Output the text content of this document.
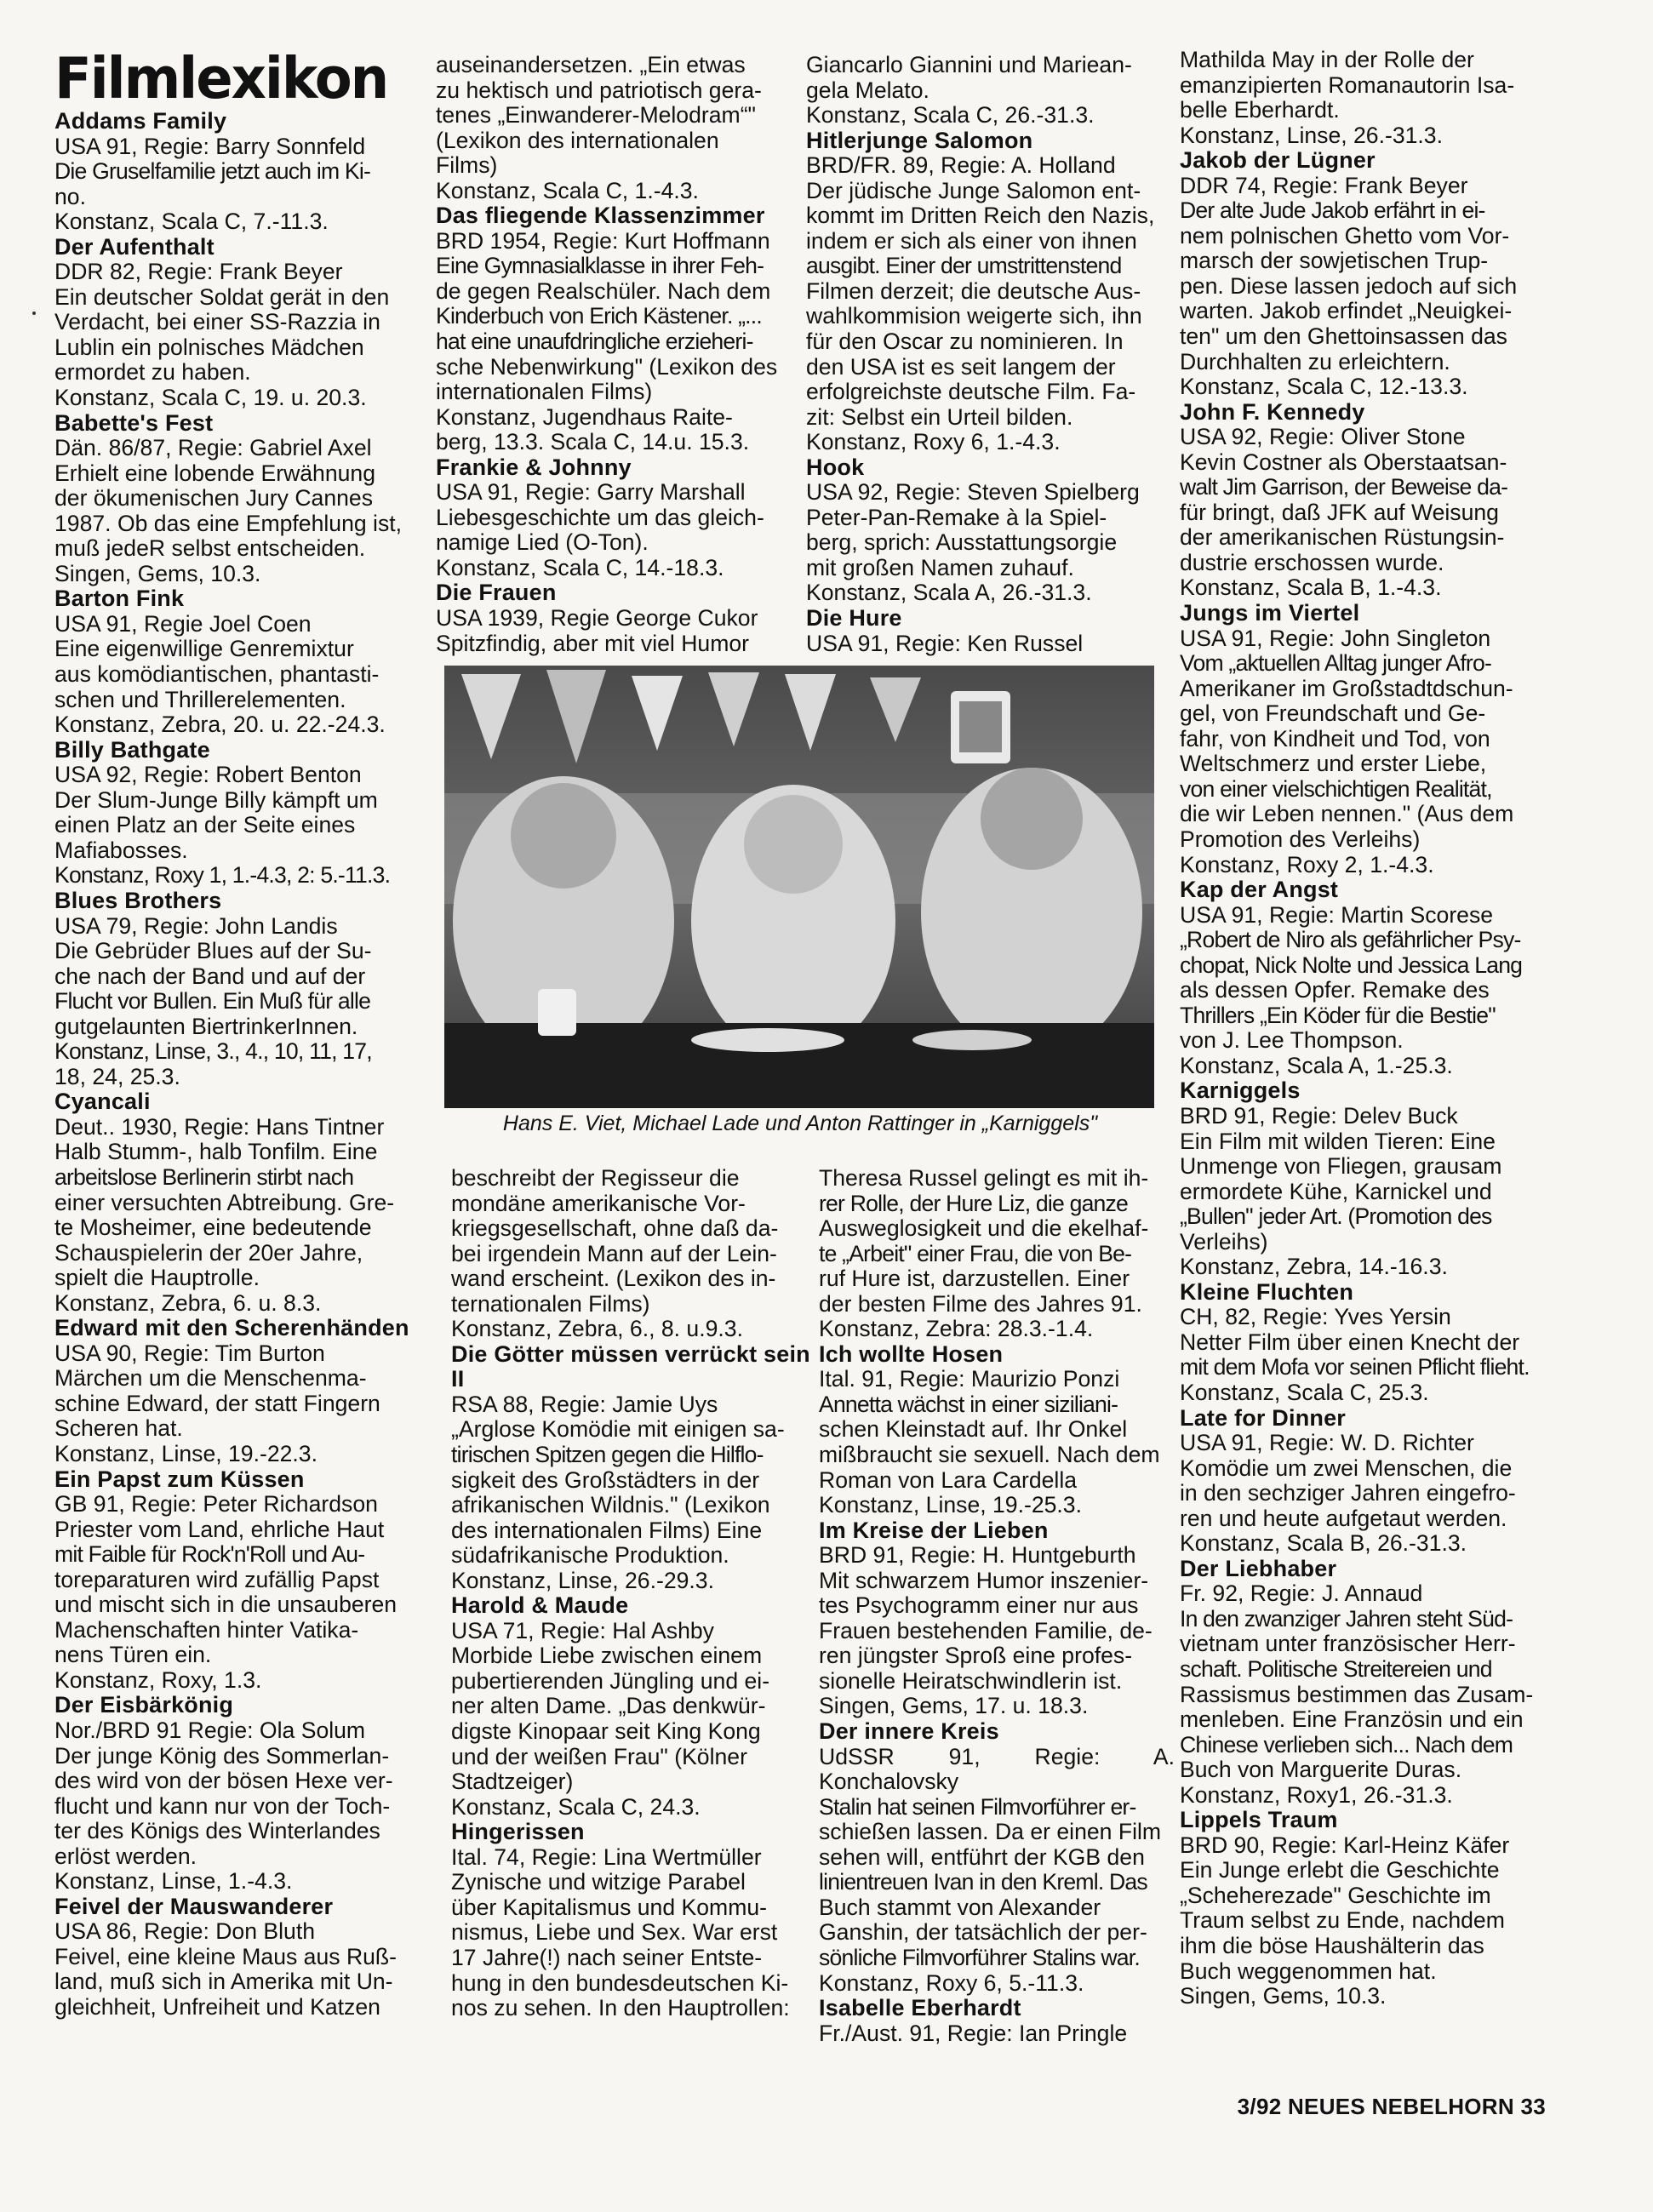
Filmlexikon

Addams Family

USA 91, Regie: Barry Sonnfeld

Die Gruselfamilie jetzt auch im Ki-

no.

Konstanz, Scala C, 7.-11.3.

Der Aufenthalt

DDR 82, Regie: Frank Beyer

Ein deutscher Soldat gerät in den

Verdacht, bei einer SS-Razzia in

Lublin ein polnisches Mädchen

ermordet zu haben.

Konstanz, Scala C, 19. u. 20.3.

Babette's Fest

Dän. 86/87, Regie: Gabriel Axel

Erhielt eine lobende Erwähnung

der ökumenischen Jury Cannes

1987. Ob das eine Empfehlung ist,

muß jedeR selbst entscheiden.

Singen, Gems, 10.3.

Barton Fink

USA 91, Regie Joel Coen

Eine eigenwillige Genremixtur

aus komödiantischen, phantasti-

schen und Thrillerelementen.

Konstanz, Zebra, 20. u. 22.-24.3.

Billy Bathgate

USA 92, Regie: Robert Benton

Der Slum-Junge Billy kämpft um

einen Platz an der Seite eines

Mafiabosses.

Konstanz, Roxy 1, 1.-4.3, 2: 5.-11.3.

Blues Brothers

USA 79, Regie: John Landis

Die Gebrüder Blues auf der Su-

che nach der Band und auf der

Flucht vor Bullen. Ein Muß für alle

gutgelaunten BiertrinkerInnen.

Konstanz, Linse, 3., 4., 10, 11, 17,

18, 24, 25.3.

Cyancali

Deut.. 1930, Regie: Hans Tintner

Halb Stumm-, halb Tonfilm. Eine

arbeitslose Berlinerin stirbt nach

einer versuchten Abtreibung. Gre-

te Mosheimer, eine bedeutende

Schauspielerin der 20er Jahre,

spielt die Hauptrolle.

Konstanz, Zebra, 6. u. 8.3.

Edward mit den Scherenhänden

USA 90, Regie: Tim Burton

Märchen um die Menschenma-

schine Edward, der statt Fingern

Scheren hat.

Konstanz, Linse, 19.-22.3.

Ein Papst zum Küssen

GB 91, Regie: Peter Richardson

Priester vom Land, ehrliche Haut

mit Faible für Rock'n'Roll und Au-

toreparaturen wird zufällig Papst

und mischt sich in die unsauberen

Machenschaften hinter Vatika-

nens Türen ein.

Konstanz, Roxy, 1.3.

Der Eisbärkönig

Nor./BRD 91 Regie: Ola Solum

Der junge König des Sommerlan-

des wird von der bösen Hexe ver-

flucht und kann nur von der Toch-

ter des Königs des Winterlandes

erlöst werden.

Konstanz, Linse, 1.-4.3.

Feivel der Mauswanderer

USA 86, Regie: Don Bluth

Feivel, eine kleine Maus aus Ruß-

land, muß sich in Amerika mit Un-

gleichheit, Unfreiheit und Katzen

auseinandersetzen. „Ein etwas

zu hektisch und patriotisch gera-

tenes „Einwanderer-Melodram“"

(Lexikon des internationalen

Films)

Konstanz, Scala C, 1.-4.3.

Das fliegende Klassenzimmer

BRD 1954, Regie: Kurt Hoffmann

Eine Gymnasialklasse in ihrer Feh-

de gegen Realschüler. Nach dem

Kinderbuch von Erich Kästener. „...

hat eine unaufdringliche erzieheri-

sche Nebenwirkung" (Lexikon des

internationalen Films)

Konstanz, Jugendhaus Raite-

berg, 13.3. Scala C, 14.u. 15.3.

Frankie & Johnny

USA 91, Regie: Garry Marshall

Liebesgeschichte um das gleich-

namige Lied (O-Ton).

Konstanz, Scala C, 14.-18.3.

Die Frauen

USA 1939, Regie George Cukor

Spitzfindig, aber mit viel Humor

Giancarlo Giannini und Mariean-

gela Melato.

Konstanz, Scala C, 26.-31.3.

Hitlerjunge Salomon

BRD/FR. 89, Regie: A. Holland

Der jüdische Junge Salomon ent-

kommt im Dritten Reich den Nazis,

indem er sich als einer von ihnen

ausgibt. Einer der umstrittenstend

Filmen derzeit; die deutsche Aus-

wahlkommision weigerte sich, ihn

für den Oscar zu nominieren. In

den USA ist es seit langem der

erfolgreichste deutsche Film. Fa-

zit: Selbst ein Urteil bilden.

Konstanz, Roxy 6, 1.-4.3.

Hook

USA 92, Regie: Steven Spielberg

Peter-Pan-Remake à la Spiel-

berg, sprich: Ausstattungsorgie

mit großen Namen zuhauf.

Konstanz, Scala A, 26.-31.3.

Die Hure

USA 91, Regie: Ken Russel

Mathilda May in der Rolle der

emanzipierten Romanautorin Isa-

belle Eberhardt.

Konstanz, Linse, 26.-31.3.

Jakob der Lügner

DDR 74, Regie: Frank Beyer

Der alte Jude Jakob erfährt in ei-

nem polnischen Ghetto vom Vor-

marsch der sowjetischen Trup-

pen. Diese lassen jedoch auf sich

warten. Jakob erfindet „Neuigkei-

ten" um den Ghettoinsassen das

Durchhalten zu erleichtern.

Konstanz, Scala C, 12.-13.3.

John F. Kennedy

USA 92, Regie: Oliver Stone

Kevin Costner als Oberstaatsan-

walt Jim Garrison, der Beweise da-

für bringt, daß JFK auf Weisung

der amerikanischen Rüstungsin-

dustrie erschossen wurde.

Konstanz, Scala B, 1.-4.3.

Jungs im Viertel

USA 91, Regie: John Singleton

Vom „aktuellen Alltag junger Afro-

Amerikaner im Großstadtdschun-

gel, von Freundschaft und Ge-

fahr, von Kindheit und Tod, von

Weltschmerz und erster Liebe,

von einer vielschichtigen Realität,

die wir Leben nennen." (Aus dem

Promotion des Verleihs)

Konstanz, Roxy 2, 1.-4.3.

Kap der Angst

USA 91, Regie: Martin Scorese

„Robert de Niro als gefährlicher Psy-

chopat, Nick Nolte und Jessica Lang

als dessen Opfer. Remake des

Thrillers „Ein Köder für die Bestie"

von J. Lee Thompson.

Konstanz, Scala A, 1.-25.3.

Karniggels

BRD 91, Regie: Delev Buck

Ein Film mit wilden Tieren: Eine

Unmenge von Fliegen, grausam

ermordete Kühe, Karnickel und

„Bullen" jeder Art. (Promotion des

Verleihs)

Konstanz, Zebra, 14.-16.3.

Kleine Fluchten

CH, 82, Regie: Yves Yersin

Netter Film über einen Knecht der

mit dem Mofa vor seinen Pflicht flieht.

Konstanz, Scala C, 25.3.

Late for Dinner

USA 91, Regie: W. D. Richter

Komödie um zwei Menschen, die

in den sechziger Jahren eingefro-

ren und heute aufgetaut werden.

Konstanz, Scala B, 26.-31.3.

Der Liebhaber

Fr. 92, Regie: J. Annaud

In den zwanziger Jahren steht Süd-

vietnam unter französischer Herr-

schaft. Politische Streitereien und

Rassismus bestimmen das Zusam-

menleben. Eine Französin und ein

Chinese verlieben sich... Nach dem

Buch von Marguerite Duras.

Konstanz, Roxy1, 26.-31.3.

Lippels Traum

BRD 90, Regie: Karl-Heinz Käfer

Ein Junge erlebt die Geschichte

„Scheherezade" Geschichte im

Traum selbst zu Ende, nachdem

ihm die böse Haushälterin das

Buch weggenommen hat.

Singen, Gems, 10.3.

Hans E. Viet, Michael Lade und Anton Rattinger in „Karniggels"

beschreibt der Regisseur die

mondäne amerikanische Vor-

kriegsgesellschaft, ohne daß da-

bei irgendein Mann auf der Lein-

wand erscheint. (Lexikon des in-

ternationalen Films)

Konstanz, Zebra, 6., 8. u.9.3.

Die Götter müssen verrückt sein II

RSA 88, Regie: Jamie Uys

„Arglose Komödie mit einigen sa-

tirischen Spitzen gegen die Hilflo-

sigkeit des Großstädters in der

afrikanischen Wildnis." (Lexikon

des internationalen Films) Eine

südafrikanische Produktion.

Konstanz, Linse, 26.-29.3.

Harold & Maude

USA 71, Regie: Hal Ashby

Morbide Liebe zwischen einem

pubertierenden Jüngling und ei-

ner alten Dame. „Das denkwür-

digste Kinopaar seit King Kong

und der weißen Frau" (Kölner

Stadtzeiger)

Konstanz, Scala C, 24.3.

Hingerissen

Ital. 74, Regie: Lina Wertmüller

Zynische und witzige Parabel

über Kapitalismus und Kommu-

nismus, Liebe und Sex. War erst

17 Jahre(!) nach seiner Entste-

hung in den bundesdeutschen Ki-

nos zu sehen. In den Hauptrollen:

Theresa Russel gelingt es mit ih-

rer Rolle, der Hure Liz, die ganze

Ausweglosigkeit und die ekelhaf-

te „Arbeit" einer Frau, die von Be-

ruf Hure ist, darzustellen. Einer

der besten Filme des Jahres 91.

Konstanz, Zebra: 28.3.-1.4.

Ich wollte Hosen

Ital. 91, Regie: Maurizio Ponzi

Annetta wächst in einer siziliani-

schen Kleinstadt auf. Ihr Onkel

mißbraucht sie sexuell. Nach dem

Roman von Lara Cardella

Konstanz, Linse, 19.-25.3.

Im Kreise der Lieben

BRD 91, Regie: H. Huntgeburth

Mit schwarzem Humor inszenier-

tes Psychogramm einer nur aus

Frauen bestehenden Familie, de-

ren jüngster Sproß eine profes-

sionelle Heiratschwindlerin ist.

Singen, Gems, 17. u. 18.3.

Der innere Kreis

UdSSR 91, Regie: A. Konchalovsky

Stalin hat seinen Filmvorführer er-

schießen lassen. Da er einen Film

sehen will, entführt der KGB den

linientreuen Ivan in den Kreml. Das

Buch stammt von Alexander

Ganshin, der tatsächlich der per-

sönliche Filmvorführer Stalins war.

Konstanz, Roxy 6, 5.-11.3.

Isabelle Eberhardt

Fr./Aust. 91, Regie: Ian Pringle

3/92 NEUES NEBELHORN 33
